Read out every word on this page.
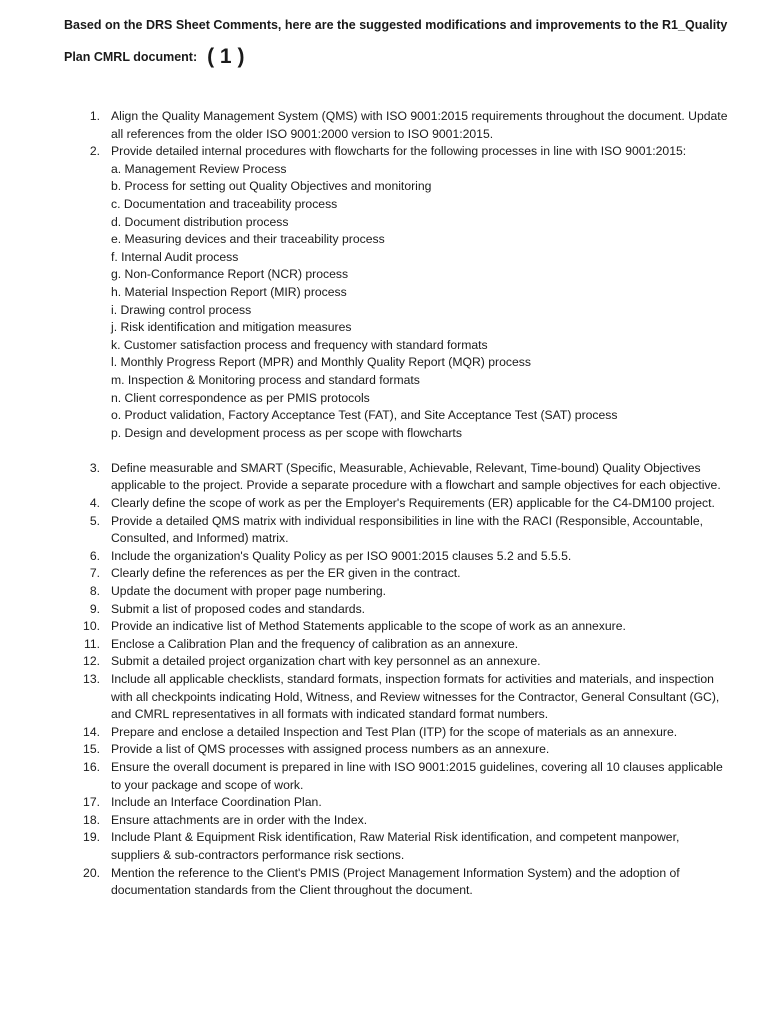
Based on the DRS Sheet Comments, here are the suggested modifications and improvements to the R1_Quality
Plan CMRL document: ( 1 )
1. Align the Quality Management System (QMS) with ISO 9001:2015 requirements throughout the document. Update all references from the older ISO 9001:2000 version to ISO 9001:2015.
2. Provide detailed internal procedures with flowcharts for the following processes in line with ISO 9001:2015:
a. Management Review Process
b. Process for setting out Quality Objectives and monitoring
c. Documentation and traceability process
d. Document distribution process
e. Measuring devices and their traceability process
f. Internal Audit process
g. Non-Conformance Report (NCR) process
h. Material Inspection Report (MIR) process
i. Drawing control process
j. Risk identification and mitigation measures
k. Customer satisfaction process and frequency with standard formats
l. Monthly Progress Report (MPR) and Monthly Quality Report (MQR) process
m. Inspection & Monitoring process and standard formats
n. Client correspondence as per PMIS protocols
o. Product validation, Factory Acceptance Test (FAT), and Site Acceptance Test (SAT) process
p. Design and development process as per scope with flowcharts
3. Define measurable and SMART (Specific, Measurable, Achievable, Relevant, Time-bound) Quality Objectives applicable to the project. Provide a separate procedure with a flowchart and sample objectives for each objective.
4. Clearly define the scope of work as per the Employer's Requirements (ER) applicable for the C4-DM100 project.
5. Provide a detailed QMS matrix with individual responsibilities in line with the RACI (Responsible, Accountable, Consulted, and Informed) matrix.
6. Include the organization's Quality Policy as per ISO 9001:2015 clauses 5.2 and 5.5.5.
7. Clearly define the references as per the ER given in the contract.
8. Update the document with proper page numbering.
9. Submit a list of proposed codes and standards.
10. Provide an indicative list of Method Statements applicable to the scope of work as an annexure.
11. Enclose a Calibration Plan and the frequency of calibration as an annexure.
12. Submit a detailed project organization chart with key personnel as an annexure.
13. Include all applicable checklists, standard formats, inspection formats for activities and materials, and inspection with all checkpoints indicating Hold, Witness, and Review witnesses for the Contractor, General Consultant (GC), and CMRL representatives in all formats with indicated standard format numbers.
14. Prepare and enclose a detailed Inspection and Test Plan (ITP) for the scope of materials as an annexure.
15. Provide a list of QMS processes with assigned process numbers as an annexure.
16. Ensure the overall document is prepared in line with ISO 9001:2015 guidelines, covering all 10 clauses applicable to your package and scope of work.
17. Include an Interface Coordination Plan.
18. Ensure attachments are in order with the Index.
19. Include Plant & Equipment Risk identification, Raw Material Risk identification, and competent manpower, suppliers & sub-contractors performance risk sections.
20. Mention the reference to the Client's PMIS (Project Management Information System) and the adoption of documentation standards from the Client throughout the document.
